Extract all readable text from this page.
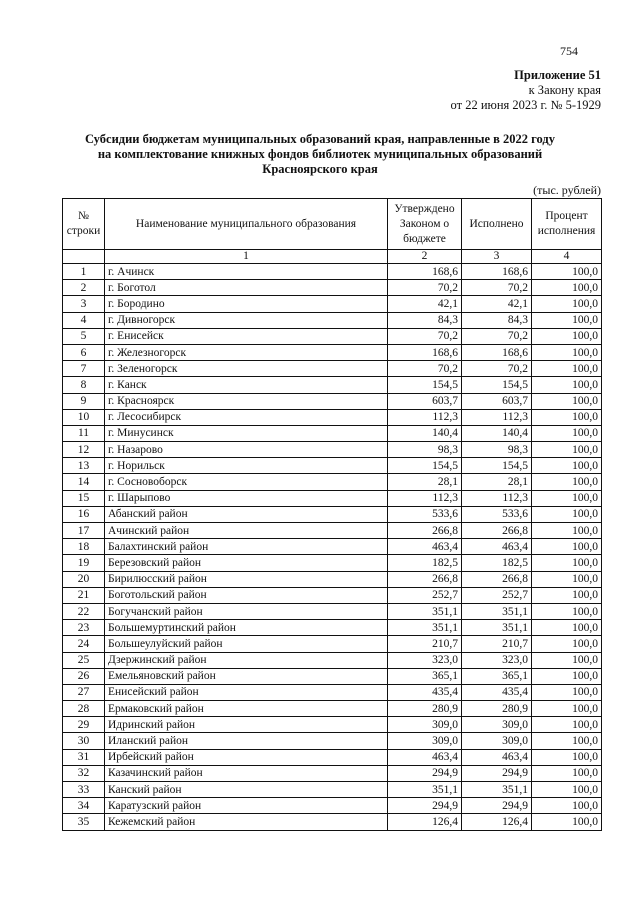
754
Приложение 51
к Закону края
от 22 июня 2023 г. № 5-1929
Субсидии бюджетам муниципальных образований края, направленные в 2022 году
на комплектование книжных фондов библиотек муниципальных образований
Красноярского края
(тыс. рублей)
№ строки	Наименование муниципального образования	Утверждено Законом о бюджете	Исполнено	Процент исполнения
	1	2	3	4
1	г. Ачинск	168,6	168,6	100,0
2	г. Боготол	70,2	70,2	100,0
3	г. Бородино	42,1	42,1	100,0
4	г. Дивногорск	84,3	84,3	100,0
5	г. Енисейск	70,2	70,2	100,0
6	г. Железногорск	168,6	168,6	100,0
7	г. Зеленогорск	70,2	70,2	100,0
8	г. Канск	154,5	154,5	100,0
9	г. Красноярск	603,7	603,7	100,0
10	г. Лесосибирск	112,3	112,3	100,0
11	г. Минусинск	140,4	140,4	100,0
12	г. Назарово	98,3	98,3	100,0
13	г. Норильск	154,5	154,5	100,0
14	г. Сосновоборск	28,1	28,1	100,0
15	г. Шарыпово	112,3	112,3	100,0
16	Абанский район	533,6	533,6	100,0
17	Ачинский район	266,8	266,8	100,0
18	Балахтинский район	463,4	463,4	100,0
19	Березовский район	182,5	182,5	100,0
20	Бирилюсский район	266,8	266,8	100,0
21	Боготольский район	252,7	252,7	100,0
22	Богучанский район	351,1	351,1	100,0
23	Большемуртинский район	351,1	351,1	100,0
24	Большеулуйский район	210,7	210,7	100,0
25	Дзержинский район	323,0	323,0	100,0
26	Емельяновский район	365,1	365,1	100,0
27	Енисейский район	435,4	435,4	100,0
28	Ермаковский район	280,9	280,9	100,0
29	Идринский район	309,0	309,0	100,0
30	Иланский район	309,0	309,0	100,0
31	Ирбейский район	463,4	463,4	100,0
32	Казачинский район	294,9	294,9	100,0
33	Канский район	351,1	351,1	100,0
34	Каратузский район	294,9	294,9	100,0
35	Кежемский район	126,4	126,4	100,0
